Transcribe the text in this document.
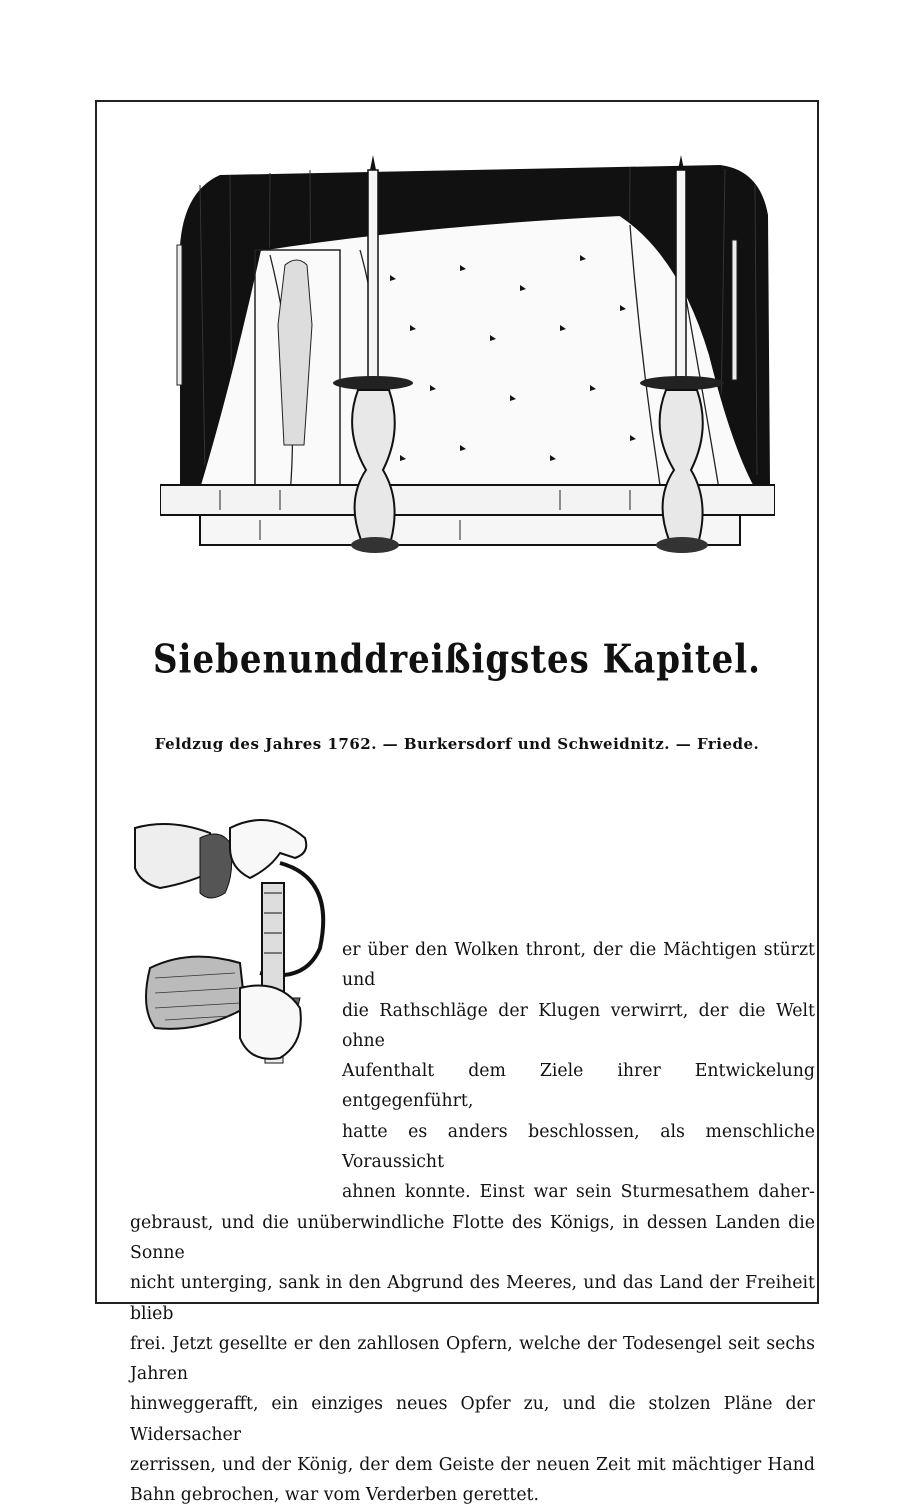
Siebenunddreißigstes Kapitel.
Feldzug des Jahres 1762. — Burkersdorf und Schweidnitz. — Friede.
er über den Wolken thront, der die Mächtigen stürzt und
die Rathschläge der Klugen verwirrt, der die Welt ohne
Aufenthalt dem Ziele ihrer Entwickelung entgegenführt,
hatte es anders beschlossen, als menschliche Voraussicht
ahnen konnte. Einst war sein Sturmesathem daher-
gebraust, und die unüberwindliche Flotte des Königs, in dessen Landen die Sonne
nicht unterging, sank in den Abgrund des Meeres, und das Land der Freiheit blieb
frei. Jetzt gesellte er den zahllosen Opfern, welche der Todesengel seit sechs Jahren
hinweggerafft, ein einziges neues Opfer zu, und die stolzen Pläne der Widersacher
zerrissen, und der König, der dem Geiste der neuen Zeit mit mächtiger Hand
Bahn gebrochen, war vom Verderben gerettet.
